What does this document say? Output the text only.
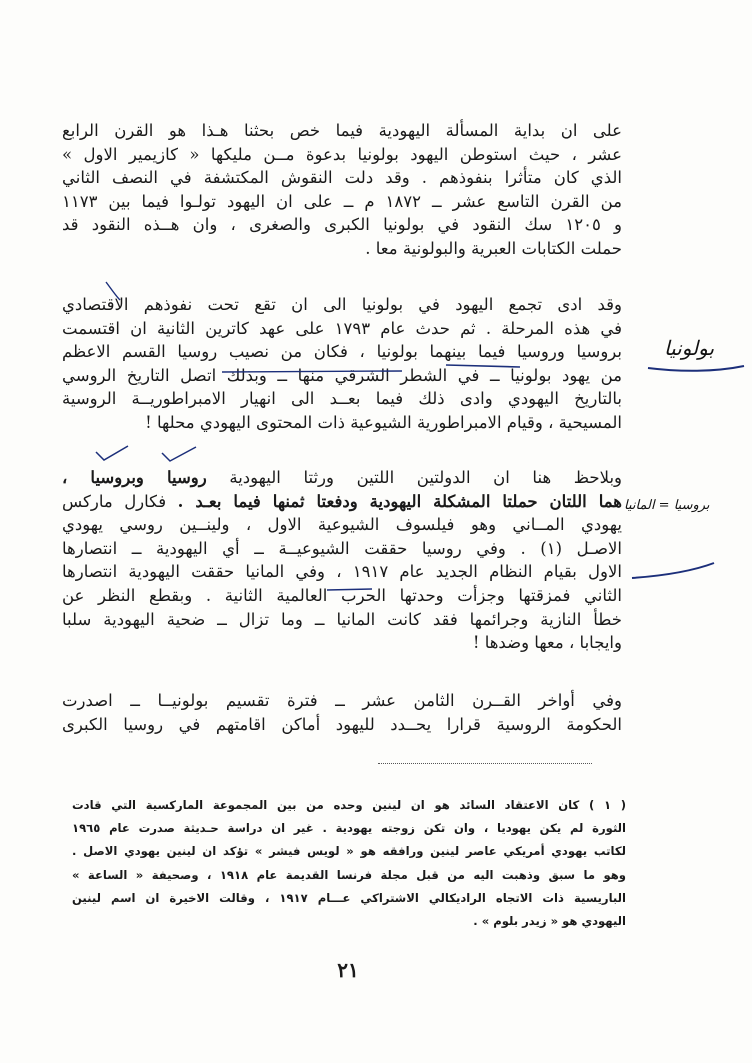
على ان بداية المسألة اليهودية فيما خص بحثنا هـذا هو القرن الرابع
عشر ، حيث استوطن اليهود بولونيا بدعوة مــن مليكها « كازيمير الاول »
الذي كان متأثرا بنفوذهم . وقد دلت النقوش المكتشفة في النصف الثاني
من القرن التاسع عشر ــ ١٨٧٢ م ــ على ان اليهود تولـوا فيما بين ١١٧٣
و ١٢٠٥ سك النقود في بولونيا الكبرى والصغرى ، وان هــذه النقود قد
حملت الكتابات العبرية والبولونية معا .

وقد ادى تجمع اليهود في بولونيا الى ان تقع تحت نفوذهم الاقتصادي
في هذه المرحلة . ثم حدث عام ١٧٩٣ على عهد كاترين الثانية ان اقتسمت
بروسيا وروسيا فيما بينهما بولونيا ، فكان من نصيب روسيا القسم الاعظم
من يهود بولونيا ــ في الشطر الشرقي منها ــ وبذلك اتصل التاريخ الروسي
بالتاريخ اليهودي وادى ذلك فيما بعــد الى انهيار الامبراطوريــة الروسية
المسيحية ، وقيام الامبراطورية الشيوعية ذات المحتوى اليهودي محلها !

وبلاحظ هنا ان الدولتين اللتين ورثتا اليهودية روسيا وبروسيا ،
هما اللتان حملتا المشكلة اليهودية ودفعتا ثمنها فيما بعـد . فكارل ماركس
يهودي المــاني وهو فيلسوف الشيوعية الاول ، ولينــين روسي يهودي
الاصـل (١) . وفي روسيا حققت الشيوعيــة ــ أي اليهودية ــ انتصارها
الاول بقيام النظام الجديد عام ١٩١٧ ، وفي المانيا حققت اليهودية انتصارها
الثاني فمزقتها وجزأت وحدتها الحرب العالمية الثانية . وبقطع النظر عن
خطأ النازية وجرائمها فقد كانت المانيا ــ وما تزال ــ ضحية اليهودية سلبا
وايجابا ، معها وضدها !

وفي أواخر القــرن الثامن عشر ــ فترة تقسيم بولونيــا ــ اصدرت
الحكومة الروسية قرارا يحــدد لليهود أماكن اقامتهم في روسيا الكبرى

( ١ ) كان الاعتقاد السائد هو ان لينين وحده من بين المجموعة الماركسية التي قادت
الثورة لم يكن يهوديا ، وان تكن زوجته يهودية . غير ان دراسة حـديثة صدرت عام ١٩٦٥
لكاتب يهودي أمريكي عاصر لينين ورافقه هو « لويس فيشر » تؤكد ان لينين يهودي الاصل .
وهو ما سبق وذهبت اليه من قبل مجلة فرنسا القديمة عام ١٩١٨ ، وصحيفة « الساعة »
الباريسية ذات الاتجاه الراديكالي الاشتراكي عـــام ١٩١٧ ، وقالت الاخيرة ان اسم لينين
اليهودي هو « زيدر بلوم » .
٢١
بولونيا
بروسيا = المانيا
